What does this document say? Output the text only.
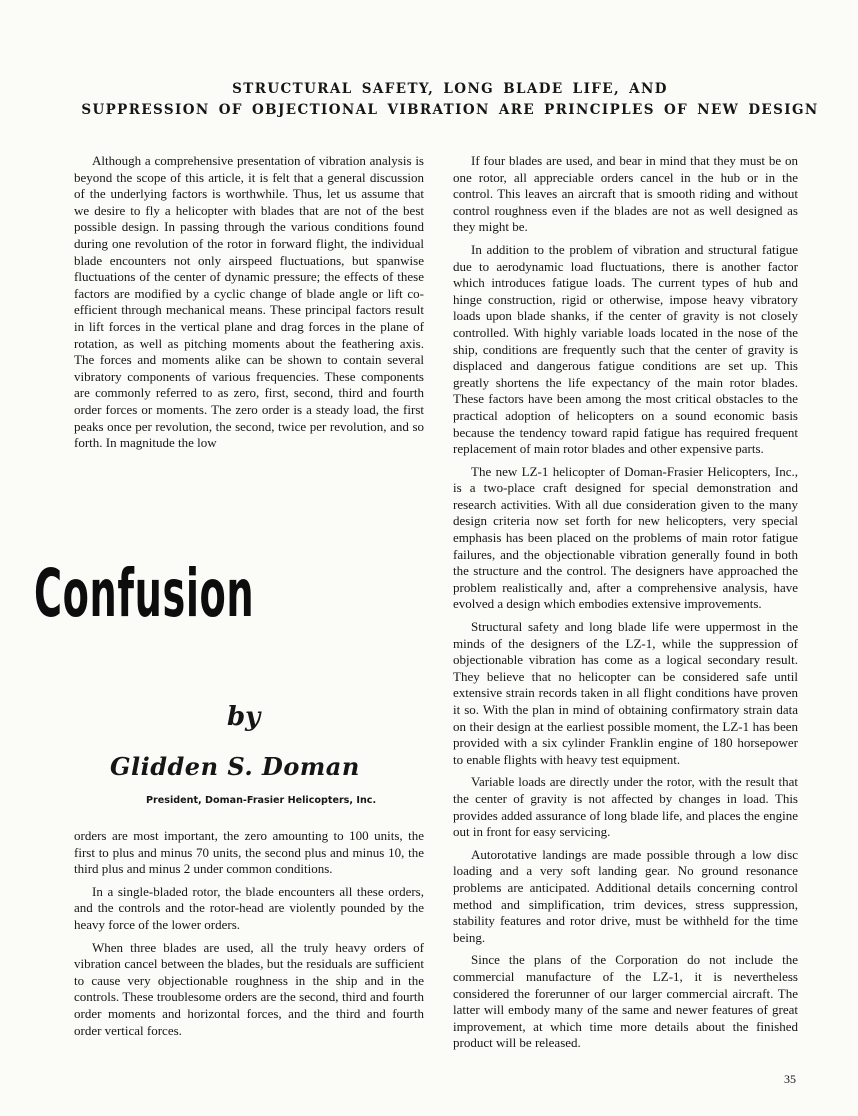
STRUCTURAL SAFETY, LONG BLADE LIFE, AND
SUPPRESSION OF OBJECTIONAL VIBRATION ARE PRINCIPLES OF NEW DESIGN

Although a comprehensive presentation of vibration analysis is beyond the scope of this article, it is felt that a general discussion of the underlying factors is worthwhile. Thus, let us assume that we desire to fly a helicopter with blades that are not of the best possible design. In passing through the various conditions found during one revolution of the rotor in forward flight, the individual blade encounters not only airspeed fluctuations, but spanwise fluctuations of the center of dynamic pressure; the effects of these factors are modified by a cyclic change of blade angle or lift co-efficient through mechanical means. These principal factors result in lift forces in the vertical plane and drag forces in the plane of rotation, as well as pitching moments about the feathering axis. The forces and moments alike can be shown to contain several vibratory components of various frequencies. These components are commonly referred to as zero, first, second, third and fourth order forces or moments. The zero order is a steady load, the first peaks once per revolution, the second, twice per revolution, and so forth. In magnitude the low

Confusion
by
Glidden S. Doman
President, Doman-Frasier Helicopters, Inc.

orders are most important, the zero amounting to 100 units, the first to plus and minus 70 units, the second plus and minus 10, the third plus and minus 2 under common conditions.

In a single-bladed rotor, the blade encounters all these orders, and the controls and the rotor-head are violently pounded by the heavy force of the lower orders.

When three blades are used, all the truly heavy orders of vibration cancel between the blades, but the residuals are sufficient to cause very objectionable roughness in the ship and in the controls. These troublesome orders are the second, third and fourth order moments and horizontal forces, and the third and fourth order vertical forces.

If four blades are used, and bear in mind that they must be on one rotor, all appreciable orders cancel in the hub or in the control. This leaves an aircraft that is smooth riding and without control roughness even if the blades are not as well designed as they might be.

In addition to the problem of vibration and structural fatigue due to aerodynamic load fluctuations, there is another factor which introduces fatigue loads. The current types of hub and hinge construction, rigid or otherwise, impose heavy vibratory loads upon blade shanks, if the center of gravity is not closely controlled. With highly variable loads located in the nose of the ship, conditions are frequently such that the center of gravity is displaced and dangerous fatigue conditions are set up. This greatly shortens the life expectancy of the main rotor blades. These factors have been among the most critical obstacles to the practical adoption of helicopters on a sound economic basis because the tendency toward rapid fatigue has required frequent replacement of main rotor blades and other expensive parts.

The new LZ-1 helicopter of Doman-Frasier Helicopters, Inc., is a two-place craft designed for special demonstration and research activities. With all due consideration given to the many design criteria now set forth for new helicopters, very special emphasis has been placed on the problems of main rotor fatigue failures, and the objectionable vibration generally found in both the structure and the control. The designers have approached the problem realistically and, after a comprehensive analysis, have evolved a design which embodies extensive improvements.

Structural safety and long blade life were uppermost in the minds of the designers of the LZ-1, while the suppression of objectionable vibration has come as a logical secondary result. They believe that no helicopter can be considered safe until extensive strain records taken in all flight conditions have proven it so. With the plan in mind of obtaining confirmatory strain data on their design at the earliest possible moment, the LZ-1 has been provided with a six cylinder Franklin engine of 180 horsepower to enable flights with heavy test equipment.

Variable loads are directly under the rotor, with the result that the center of gravity is not affected by changes in load. This provides added assurance of long blade life, and places the engine out in front for easy servicing.

Autorotative landings are made possible through a low disc loading and a very soft landing gear. No ground resonance problems are anticipated. Additional details concerning control method and simplification, trim devices, stress suppression, stability features and rotor drive, must be withheld for the time being.

Since the plans of the Corporation do not include the commercial manufacture of the LZ-1, it is nevertheless considered the forerunner of our larger commercial aircraft. The latter will embody many of the same and newer features of great improvement, at which time more details about the finished product will be released.

35
